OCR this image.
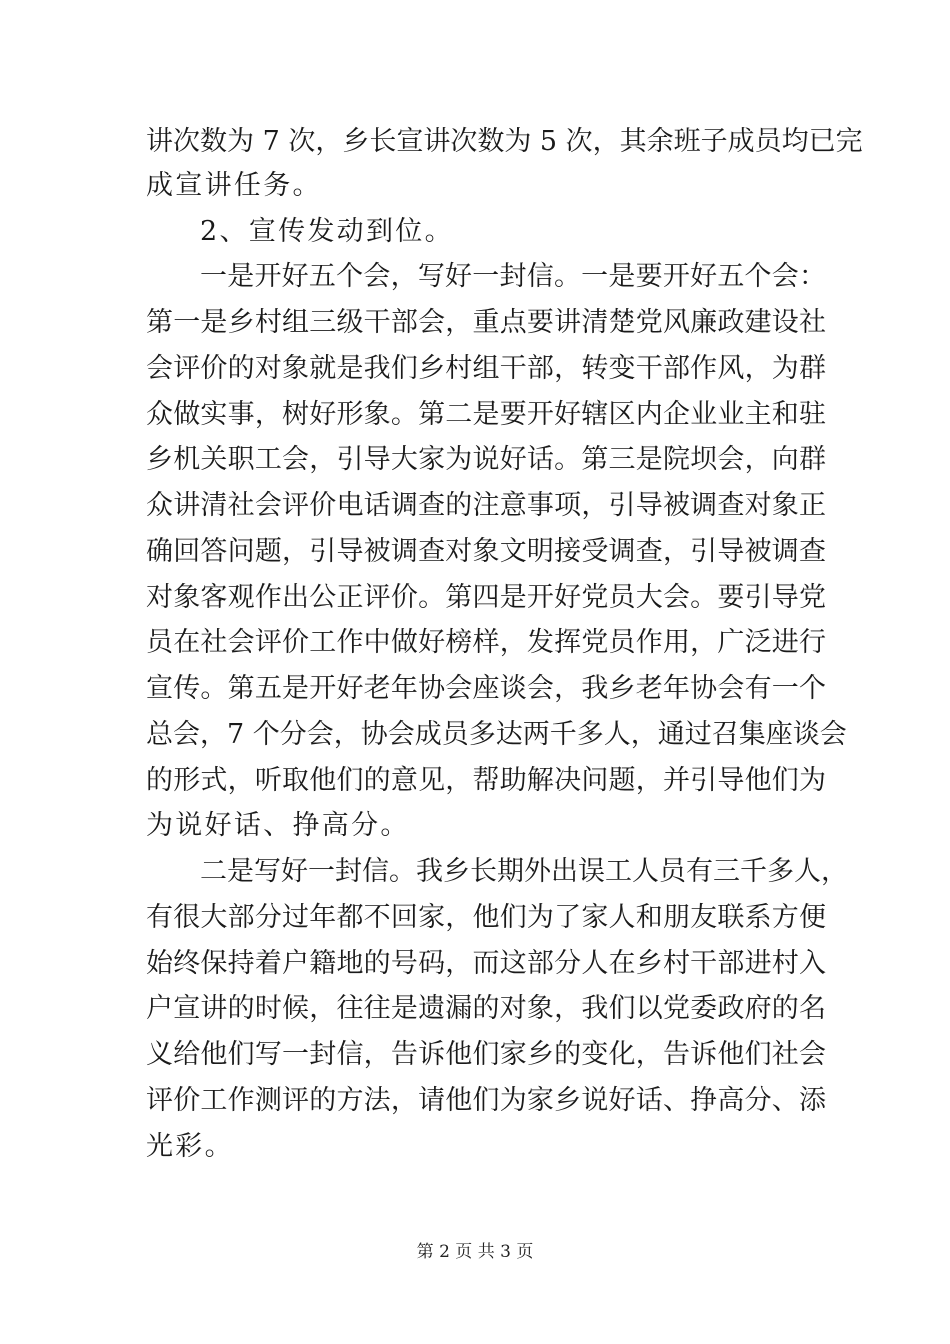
讲次数为 7 次，乡长宣讲次数为 5 次，其余班子成员均已完
成宣讲任务。
2、宣传发动到位。
一是开好五个会，写好一封信。一是要开好五个会：
第一是乡村组三级干部会，重点要讲清楚党风廉政建设社
会评价的对象就是我们乡村组干部，转变干部作风，为群
众做实事，树好形象。第二是要开好辖区内企业业主和驻
乡机关职工会，引导大家为说好话。第三是院坝会，向群
众讲清社会评价电话调查的注意事项，引导被调查对象正
确回答问题，引导被调查对象文明接受调查，引导被调查
对象客观作出公正评价。第四是开好党员大会。要引导党
员在社会评价工作中做好榜样，发挥党员作用，广泛进行
宣传。第五是开好老年协会座谈会，我乡老年协会有一个
总会，7 个分会，协会成员多达两千多人，通过召集座谈会
的形式，听取他们的意见，帮助解决问题，并引导他们为
为说好话、挣高分。
二是写好一封信。我乡长期外出误工人员有三千多人，
有很大部分过年都不回家，他们为了家人和朋友联系方便
始终保持着户籍地的号码，而这部分人在乡村干部进村入
户宣讲的时候，往往是遗漏的对象，我们以党委政府的名
义给他们写一封信，告诉他们家乡的变化，告诉他们社会
评价工作测评的方法，请他们为家乡说好话、挣高分、添
光彩。
第 2 页 共 3 页
